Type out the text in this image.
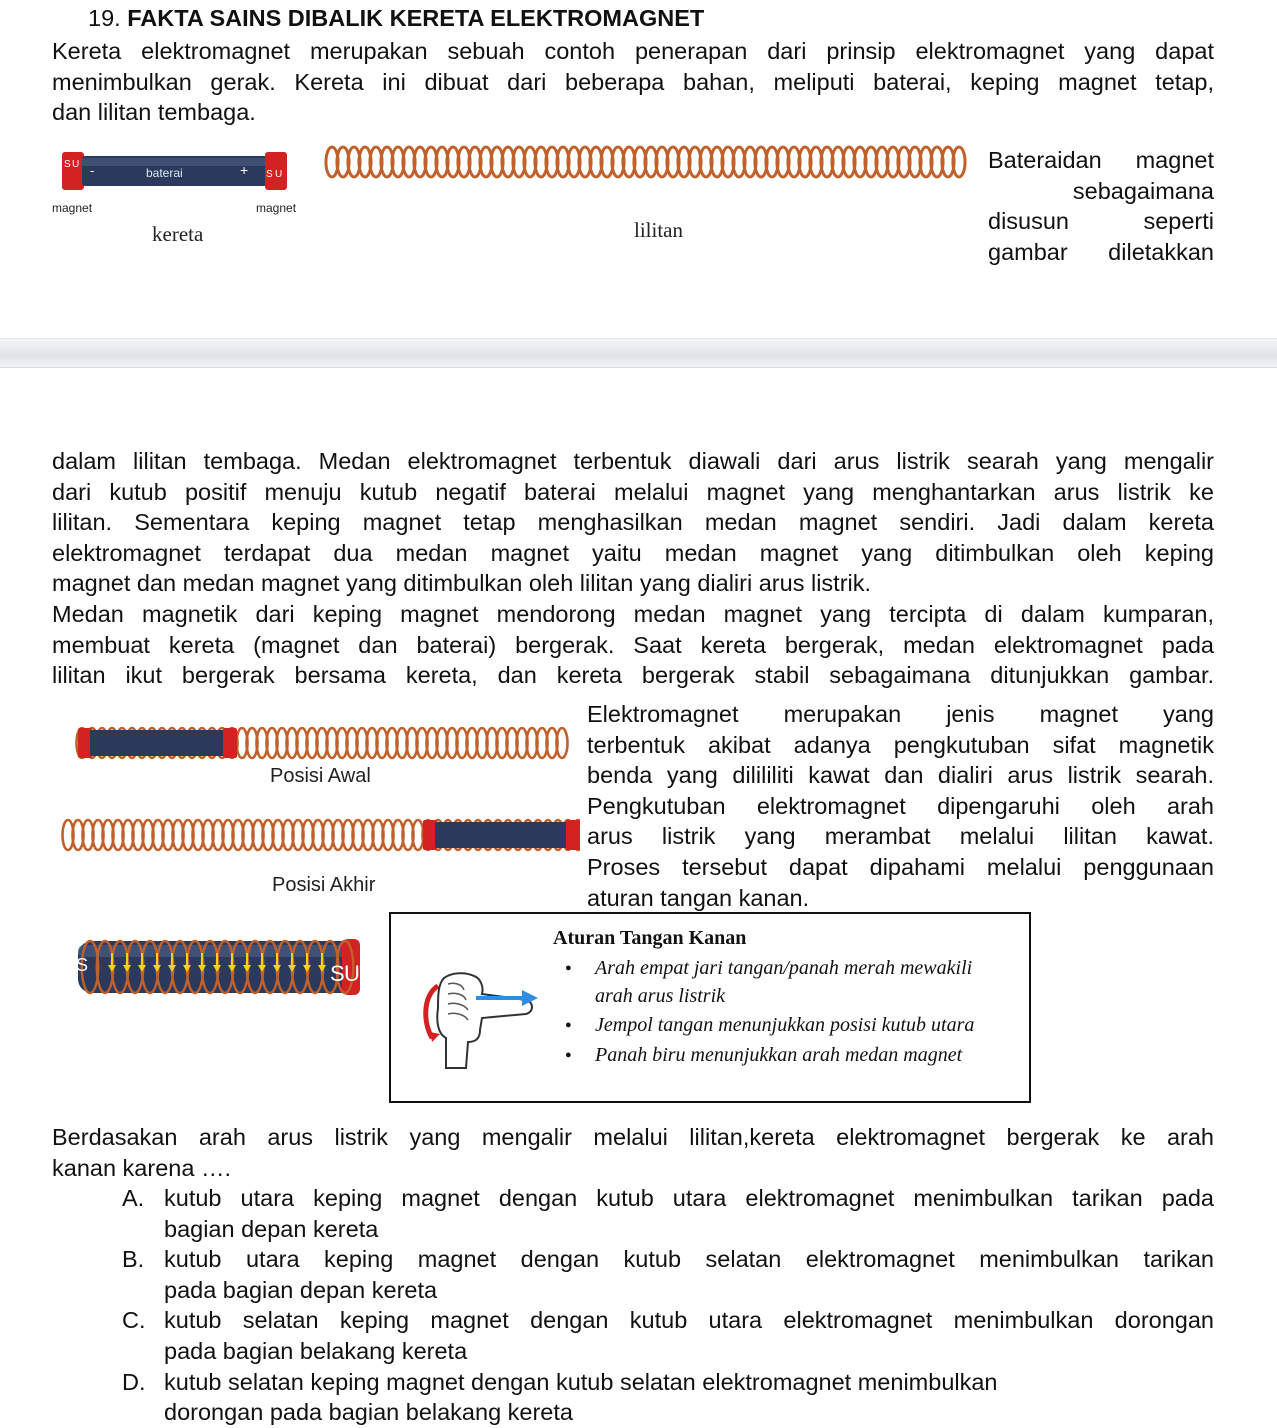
19. FAKTA SAINS DIBALIK KERETA ELEKTROMAGNET
Kereta elektromagnet merupakan sebuah contoh penerapan dari prinsip elektromagnet yang dapat
menimbulkan gerak. Kereta ini dibuat dari beberapa bahan, meliputi baterai, keping magnet tetap,
dan lilitan tembaga.
S U -	baterai	+ S U
magnet	magnet
kereta	lilitan
Bateraidan magnet
sebagaimana
disusun seperti
gambar diletakkan
dalam lilitan tembaga. Medan elektromagnet terbentuk diawali dari arus listrik searah yang mengalir
dari kutub positif menuju kutub negatif baterai melalui magnet yang menghantarkan arus listrik ke
lilitan. Sementara keping magnet tetap menghasilkan medan magnet sendiri. Jadi dalam kereta
elektromagnet terdapat dua medan magnet yaitu medan magnet yang ditimbulkan oleh keping
magnet dan medan magnet yang ditimbulkan oleh lilitan yang dialiri arus listrik.
Medan magnetik dari keping magnet mendorong medan magnet yang tercipta di dalam kumparan,
membuat kereta (magnet dan baterai) bergerak. Saat kereta bergerak, medan elektromagnet pada
lilitan ikut bergerak bersama kereta, dan kereta bergerak stabil sebagaimana ditunjukkan gambar.
Posisi Awal
Posisi Akhir
Elektromagnet merupakan jenis magnet yang
terbentuk akibat adanya pengkutuban sifat magnetik
benda yang dilililiti kawat dan dialiri arus listrik searah.
Pengkutuban elektromagnet dipengaruhi oleh arah
arus listrik yang merambat melalui lilitan kawat.
Proses tersebut dapat dipahami melalui penggunaan
aturan tangan kanan.
S	S U
Aturan Tangan Kanan
● Arah empat jari tangan/panah merah mewakili arah arus listrik
● Jempol tangan menunjukkan posisi kutub utara
● Panah biru menunjukkan arah medan magnet
Berdasakan arah arus listrik yang mengalir melalui lilitan,kereta elektromagnet bergerak ke arah
kanan karena ….
A. kutub utara keping magnet dengan kutub utara elektromagnet menimbulkan tarikan pada
bagian depan kereta
B. kutub utara keping magnet dengan kutub selatan elektromagnet menimbulkan tarikan
pada bagian depan kereta
C. kutub selatan keping magnet dengan kutub utara elektromagnet menimbulkan dorongan
pada bagian belakang kereta
D. kutub selatan keping magnet dengan kutub selatan elektromagnet menimbulkan
dorongan pada bagian belakang kereta
